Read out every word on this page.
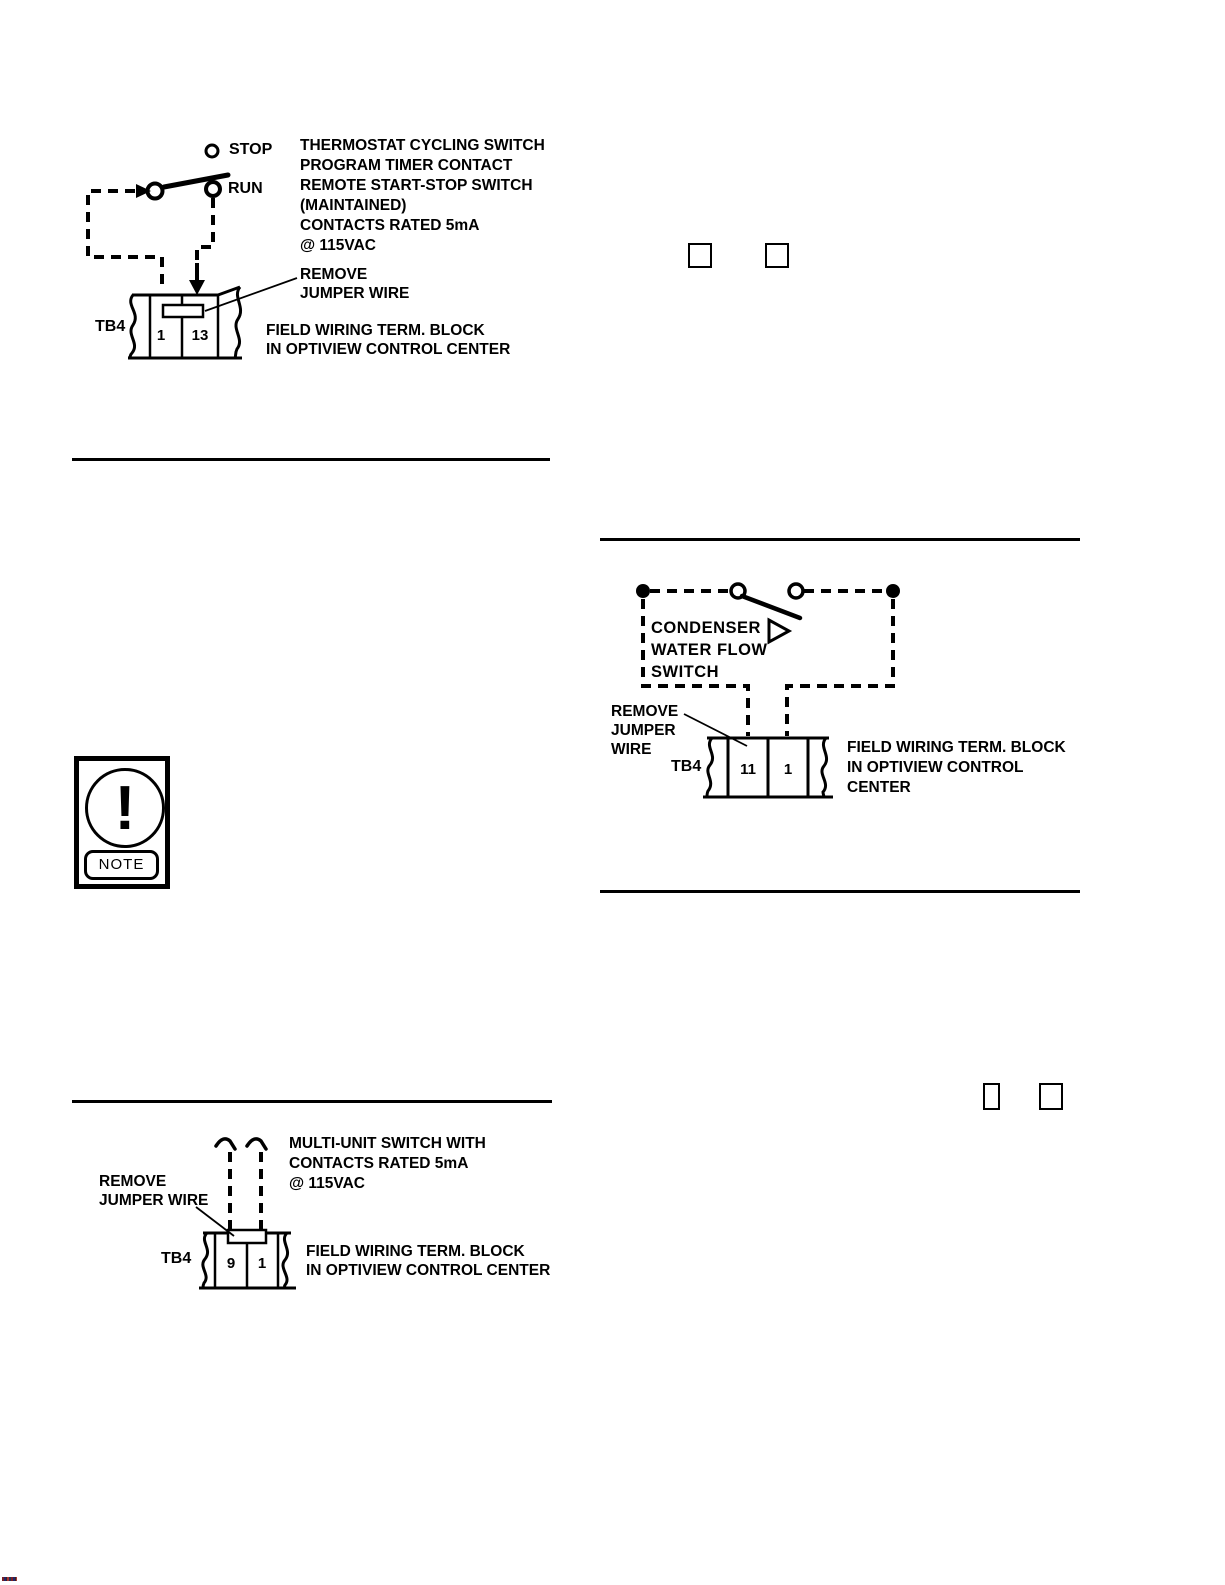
STOP
RUN
THERMOSTAT CYCLING SWITCH
PROGRAM TIMER CONTACT
REMOTE START-STOP SWITCH
(MAINTAINED)
CONTACTS RATED 5mA
@ 115VAC
REMOVE
JUMPER WIRE
TB4
1 13	FIELD WIRING TERM. BLOCK
IN OPTIVIEW CONTROL CENTER
CONDENSER
WATER FLOW
SWITCH
REMOVE
JUMPER
WIRE
TB4	11 1
FIELD WIRING TERM. BLOCK
IN OPTIVIEW CONTROL
CENTER
!
NOTE
MULTI-UNIT SWITCH WITH
CONTACTS RATED 5mA
@ 115VAC
REMOVE
JUMPER WIRE
TB4 9 1
FIELD WIRING TERM. BLOCK
IN OPTIVIEW CONTROL CENTER
